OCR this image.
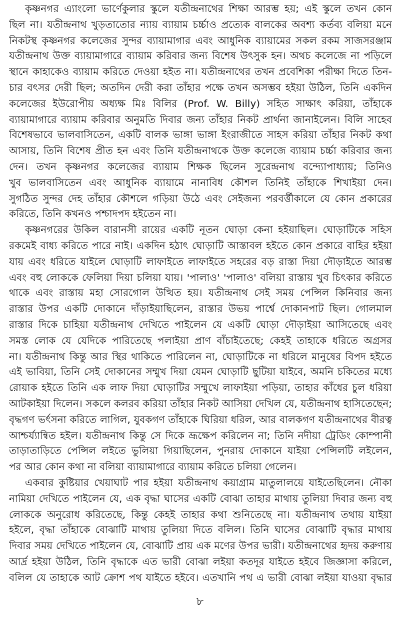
কৃষ্ণনগর এ্যাংলো ভার্ণেকুলার স্কুলে যতীন্দ্রনাথের শিক্ষা আরম্ভ হয়; এই স্কুলে তখন কোন
ছিল না। যতীন্দ্রনাথ খুড়তাতোর ন্যায় ব্যায়াম চর্চ্চাও প্রত্যেক বালকের অবশ্য কর্তব্য বলিয়া মনে
নিকটস্থ কৃষ্ণনগর কলেজের সুন্দর ব্যায়ামাগার এবং আধুনিক ব্যায়ামের সকল রকম সাজসরঞ্জাম
যতীন্দ্রনাথ উক্ত ব্যায়ামাগারে ব্যায়াম করিবার জন্য বিশেষ উৎসুক হন। অথচ কলেজে না পড়িলে
স্থানে কাহাকেও ব্যায়াম করিতে দেওয়া হইত না। যতীন্দ্রনাথের তখন প্রবেশিকা পরীক্ষা দিতে তিন-
চার বৎসর দেরী ছিল; অতদিন দেরী করা তাঁহার পক্ষে তখন অসম্ভব হইয়া উঠিল, তিনি একদিন
কলেজের ইউরোপীয় অধ্যক্ষ মিঃ বিলির (Prof. W. Billy) সহিত সাক্ষাৎ করিয়া, তাঁহাকে
ব্যায়ামাগারে ব্যায়াম করিবার অনুমতি দিবার জন্য তাঁহার নিকট প্রার্থনা জানাইলেন। বিলি সাহেব
বিশেষভাবে ভালবাসিতেন, একটি বালক ভাঙ্গা ভাঙ্গা ইংরাজীতে সাহস করিয়া তাঁহার নিকট কথা
আসায়, তিনি বিশেষ প্রীত হন এবং তিনি যতীন্দ্রনাথকে উক্ত কলেজে ব্যায়াম চর্চ্চা করিবার জন্য
দেন। তখন কৃষ্ণনগর কলেজের ব্যায়াম শিক্ষক ছিলেন সুরেন্দ্রনাথ বন্দ্যোপাধ্যায়; তিনিও
খুব ভালবাসিতেন এবং আধুনিক ব্যায়ামে নানাবিধ কৌশল তিনিই তাঁহাকে শিখাইয়া দেন।
সুগঠিত সুন্দর দেহ তাঁহার কৌশলে গড়িয়া উঠে এবং সেইজন্য পরবর্ত্তীকালে যে কোন প্রকারের
করিতে, তিনি কখনও পশ্চাদপদ হইতেন না।
কৃষ্ণনগরের উকিল বারানসী রায়ের একটি নূতন ঘোড়া কেনা হইয়াছিল। ঘোড়াটিকে সহিস
রকমেই বাধ্য করিতে পারে নাই। একদিন হঠাৎ ঘোড়াটি আস্তাবল হইতে কোন প্রকারে বাহির হইয়া
যায় এবং ধরিতে যাইলে ঘোড়াটি লাফাইতে লাফাইতে সহরের বড় রাস্তা দিয়া দৌড়াইতে আরম্ভ
এবং বহু লোককে ফেলিয়া দিয়া চলিয়া যায়। 'পালাও' 'পালাও' বলিয়া রাস্তায় খুব চিৎকার করিতে
থাকে এবং রাস্তায় মহা সোরগোল উত্থিত হয়। যতীন্দ্রনাথ সেই সময় পেন্সিল কিনিবার জন্য
রাস্তার উপর একটি দোকানে দাঁড়াইয়াছিলেন, রাস্তার উভয় পার্শ্বে দোকানপাট ছিল। গোলমাল
রাস্তার দিকে চাহিয়া যতীন্দ্রনাথ দেখিতে পাইলেন যে একটি ঘোড়া দৌড়াইয়া আসিতেছে এবং
সমস্ত লোক যে যেদিকে পারিতেছে পলাইয়া প্রাণ বাঁচাইতেছে; কেহই তাহাকে ধরিতে অগ্রসর
না। যতীন্দ্রনাথ কিন্তু আর স্থির থাকিতে পারিলেন না, ঘোড়াটিকে না ধরিলে মানুষের বিপদ হইতে
এই ভাবিয়া, তিনি সেই দোকানের সম্মুখ দিয়া যেমন ঘোড়াটি ছুটিয়া যাইবে, অমনি চকিতের মধ্যে
রোয়াক হইতে তিনি এক লাফ দিয়া ঘোড়াটির সম্মুখে লাফাইয়া পড়িয়া, তাহার কাঁধের চুল ধরিয়া
আটকাইয়া দিলেন। সকলে কলরব করিয়া তাঁহার নিকট আসিয়া দেখিল যে, যতীন্দ্রনাথ হাসিতেছেন;
বৃদ্ধগণ ভর্ৎসনা করিতে লাগিল, যুবকগণ তাঁহাকে ঘিরিয়া ধরিল, আর বালকগণ যতীন্দ্রনাথের বীরত্ব
আশ্চর্য্যান্বিত হইল। যতীন্দ্রনাথ কিন্তু সে দিকে ভ্রূক্ষেপ করিলেন না; তিনি নদীয়া ট্রেডিং কোম্পানী
তাড়াতাড়িতে পেন্সিল লইতে ভুলিয়া গিয়াছিলেন, পুনরায় দোকানে যাইয়া পেন্সিলটি লইলেন,
পর আর কোন কথা না বলিয়া ব্যায়ামাগারে ব্যায়াম করিতে চলিয়া গেলেন।
একবার কুষ্টিয়ার খেয়াঘাট পার হইয়া যতীন্দ্রনাথ কয়াগ্রাম মাতুলালয়ে যাইতেছিলেন। নৌকা
নামিয়া দেখিতে পাইলেন যে, এক বৃদ্ধা ঘাসের একটি বোঝা তাহার মাথায় তুলিয়া দিবার জন্য বহু
লোককে অনুরোধ করিতেছে, কিন্তু কেহই তাহার কথা শুনিতেছে না। যতীন্দ্রনাথ তথায় যাইয়া
হইলে, বৃদ্ধা তাঁহাকে বোঝাটি মাথায় তুলিয়া দিতে বলিল। তিনি ঘাসের বোঝাটি বৃদ্ধার মাথায়
দিবার সময় দেখিতে পাইলেন যে, বোঝাটি প্রায় এক মণের উপর ভারী। যতীন্দ্রনাথের হৃদয় করুণায়
আর্দ্র হইয়া উঠিল, তিনি বৃদ্ধাকে এত ভারী বোঝা লইয়া কতদূর যাইতে হইবে জিজ্ঞাসা করিলে,
বলিল যে তাহাকে আট ক্রোশ পথ যাইতে হইবে। এতখানি পথ এ ভারী বোঝা লইয়া যাওয়া বৃদ্ধার
৮
